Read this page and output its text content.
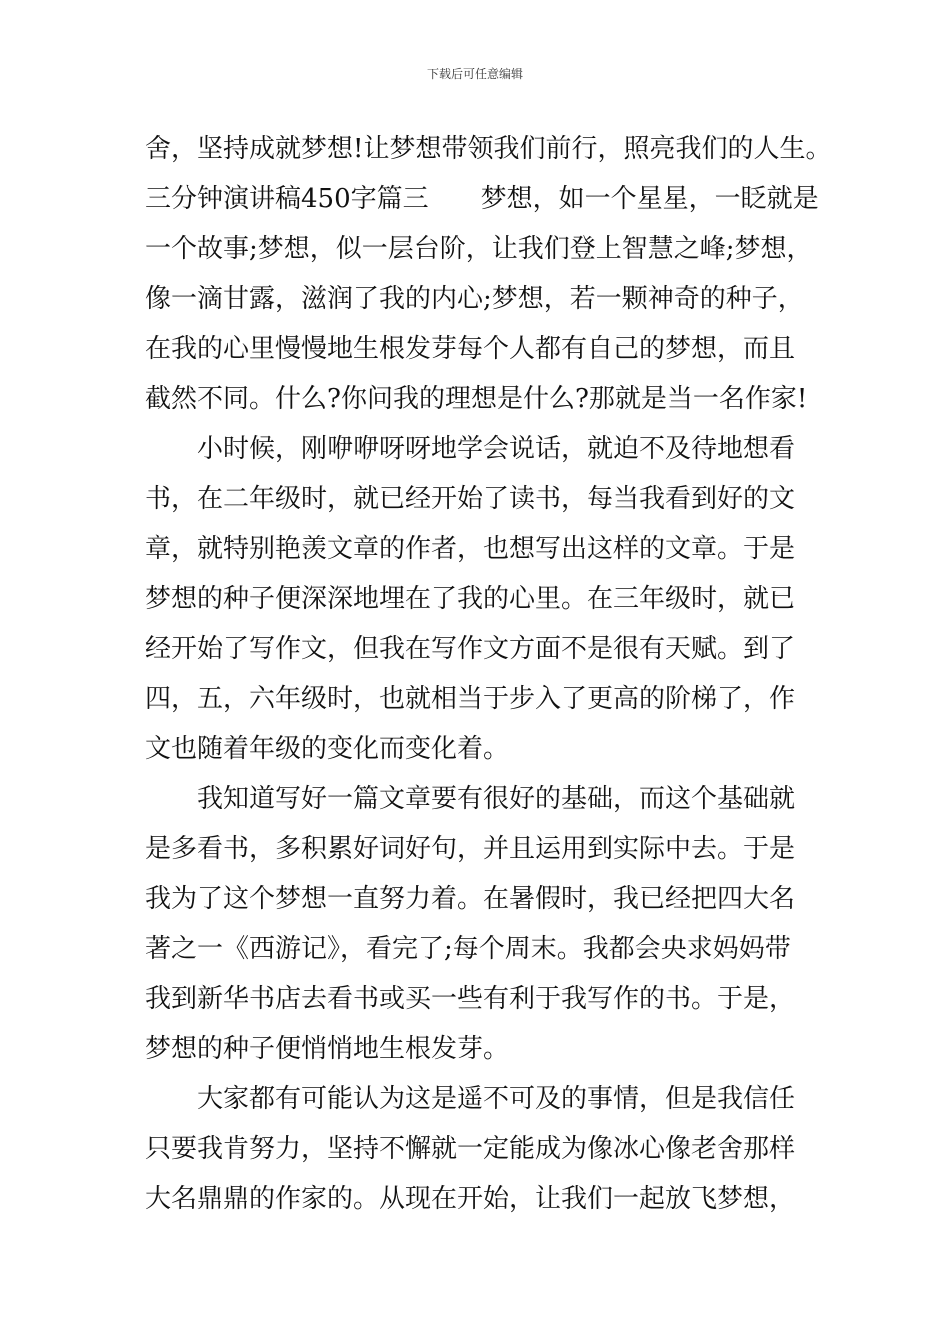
下载后可任意编辑
舍，坚持成就梦想!让梦想带领我们前行，照亮我们的人生。
三分钟演讲稿450字篇三　　梦想，如一个星星，一眨就是
一个故事;梦想，似一层台阶，让我们登上智慧之峰;梦想，
像一滴甘露，滋润了我的内心;梦想，若一颗神奇的种子，
在我的心里慢慢地生根发芽每个人都有自己的梦想，而且
截然不同。什么?你问我的理想是什么?那就是当一名作家!
　　小时候，刚咿咿呀呀地学会说话，就迫不及待地想看
书，在二年级时，就已经开始了读书，每当我看到好的文
章，就特别艳羡文章的作者，也想写出这样的文章。于是
梦想的种子便深深地埋在了我的心里。在三年级时，就已
经开始了写作文，但我在写作文方面不是很有天赋。到了
四，五，六年级时，也就相当于步入了更高的阶梯了，作
文也随着年级的变化而变化着。
　　我知道写好一篇文章要有很好的基础，而这个基础就
是多看书，多积累好词好句，并且运用到实际中去。于是
我为了这个梦想一直努力着。在暑假时，我已经把四大名
著之一《西游记》，看完了;每个周末。我都会央求妈妈带
我到新华书店去看书或买一些有利于我写作的书。于是，
梦想的种子便悄悄地生根发芽。
　　大家都有可能认为这是遥不可及的事情，但是我信任
只要我肯努力，坚持不懈就一定能成为像冰心像老舍那样
大名鼎鼎的作家的。从现在开始，让我们一起放飞梦想，
